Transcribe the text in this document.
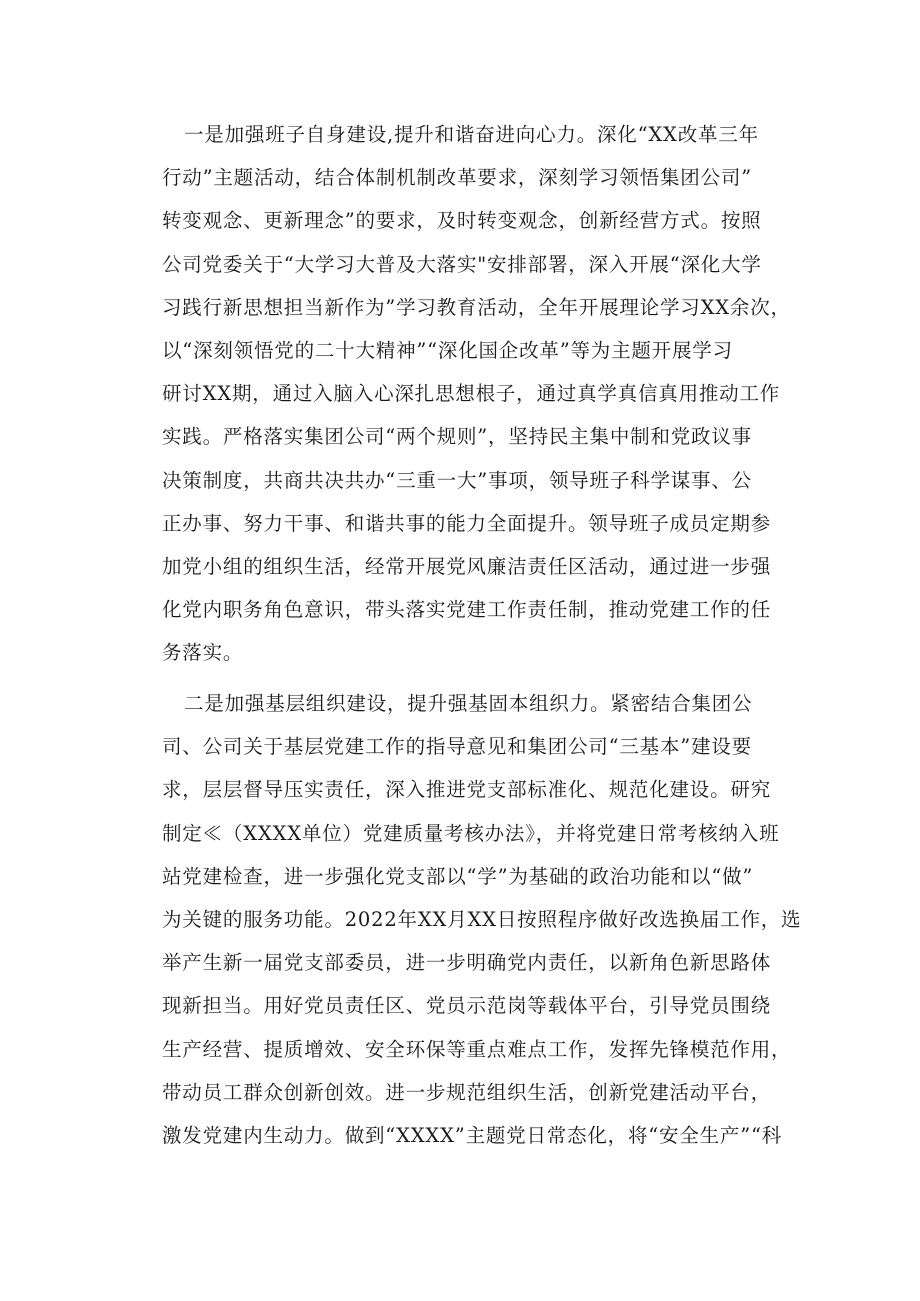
一是加强班子自身建设,提升和谐奋进向心力。深化“XX改革三年
行动”主题活动，结合体制机制改革要求，深刻学习领悟集团公司”
转变观念、更新理念”的要求，及时转变观念，创新经营方式。按照
公司党委关于“大学习大普及大落实"安排部署，深入开展“深化大学
习践行新思想担当新作为”学习教育活动，全年开展理论学习XX余次，
以“深刻领悟党的二十大精神”“深化国企改革”等为主题开展学习
研讨XX期，通过入脑入心深扎思想根子，通过真学真信真用推动工作
实践。严格落实集团公司“两个规则”，坚持民主集中制和党政议事
决策制度，共商共决共办“三重一大”事项，领导班子科学谋事、公
正办事、努力干事、和谐共事的能力全面提升。领导班子成员定期参
加党小组的组织生活，经常开展党风廉洁责任区活动，通过进一步强
化党内职务角色意识，带头落实党建工作责任制，推动党建工作的任
务落实。
二是加强基层组织建设，提升强基固本组织力。紧密结合集团公
司、公司关于基层党建工作的指导意见和集团公司“三基本”建设要
求，层层督导压实责任，深入推进党支部标准化、规范化建设。研究
制定≪（XXXX单位）党建质量考核办法》，并将党建日常考核纳入班
站党建检查，进一步强化党支部以“学”为基础的政治功能和以“做”
为关键的服务功能。2022年XX月XX日按照程序做好改选换届工作，选
举产生新一届党支部委员，进一步明确党内责任，以新角色新思路体
现新担当。用好党员责任区、党员示范岗等载体平台，引导党员围绕
生产经营、提质增效、安全环保等重点难点工作，发挥先锋模范作用，
带动员工群众创新创效。进一步规范组织生活，创新党建活动平台，
激发党建内生动力。做到“XXXX”主题党日常态化，将“安全生产”“科
